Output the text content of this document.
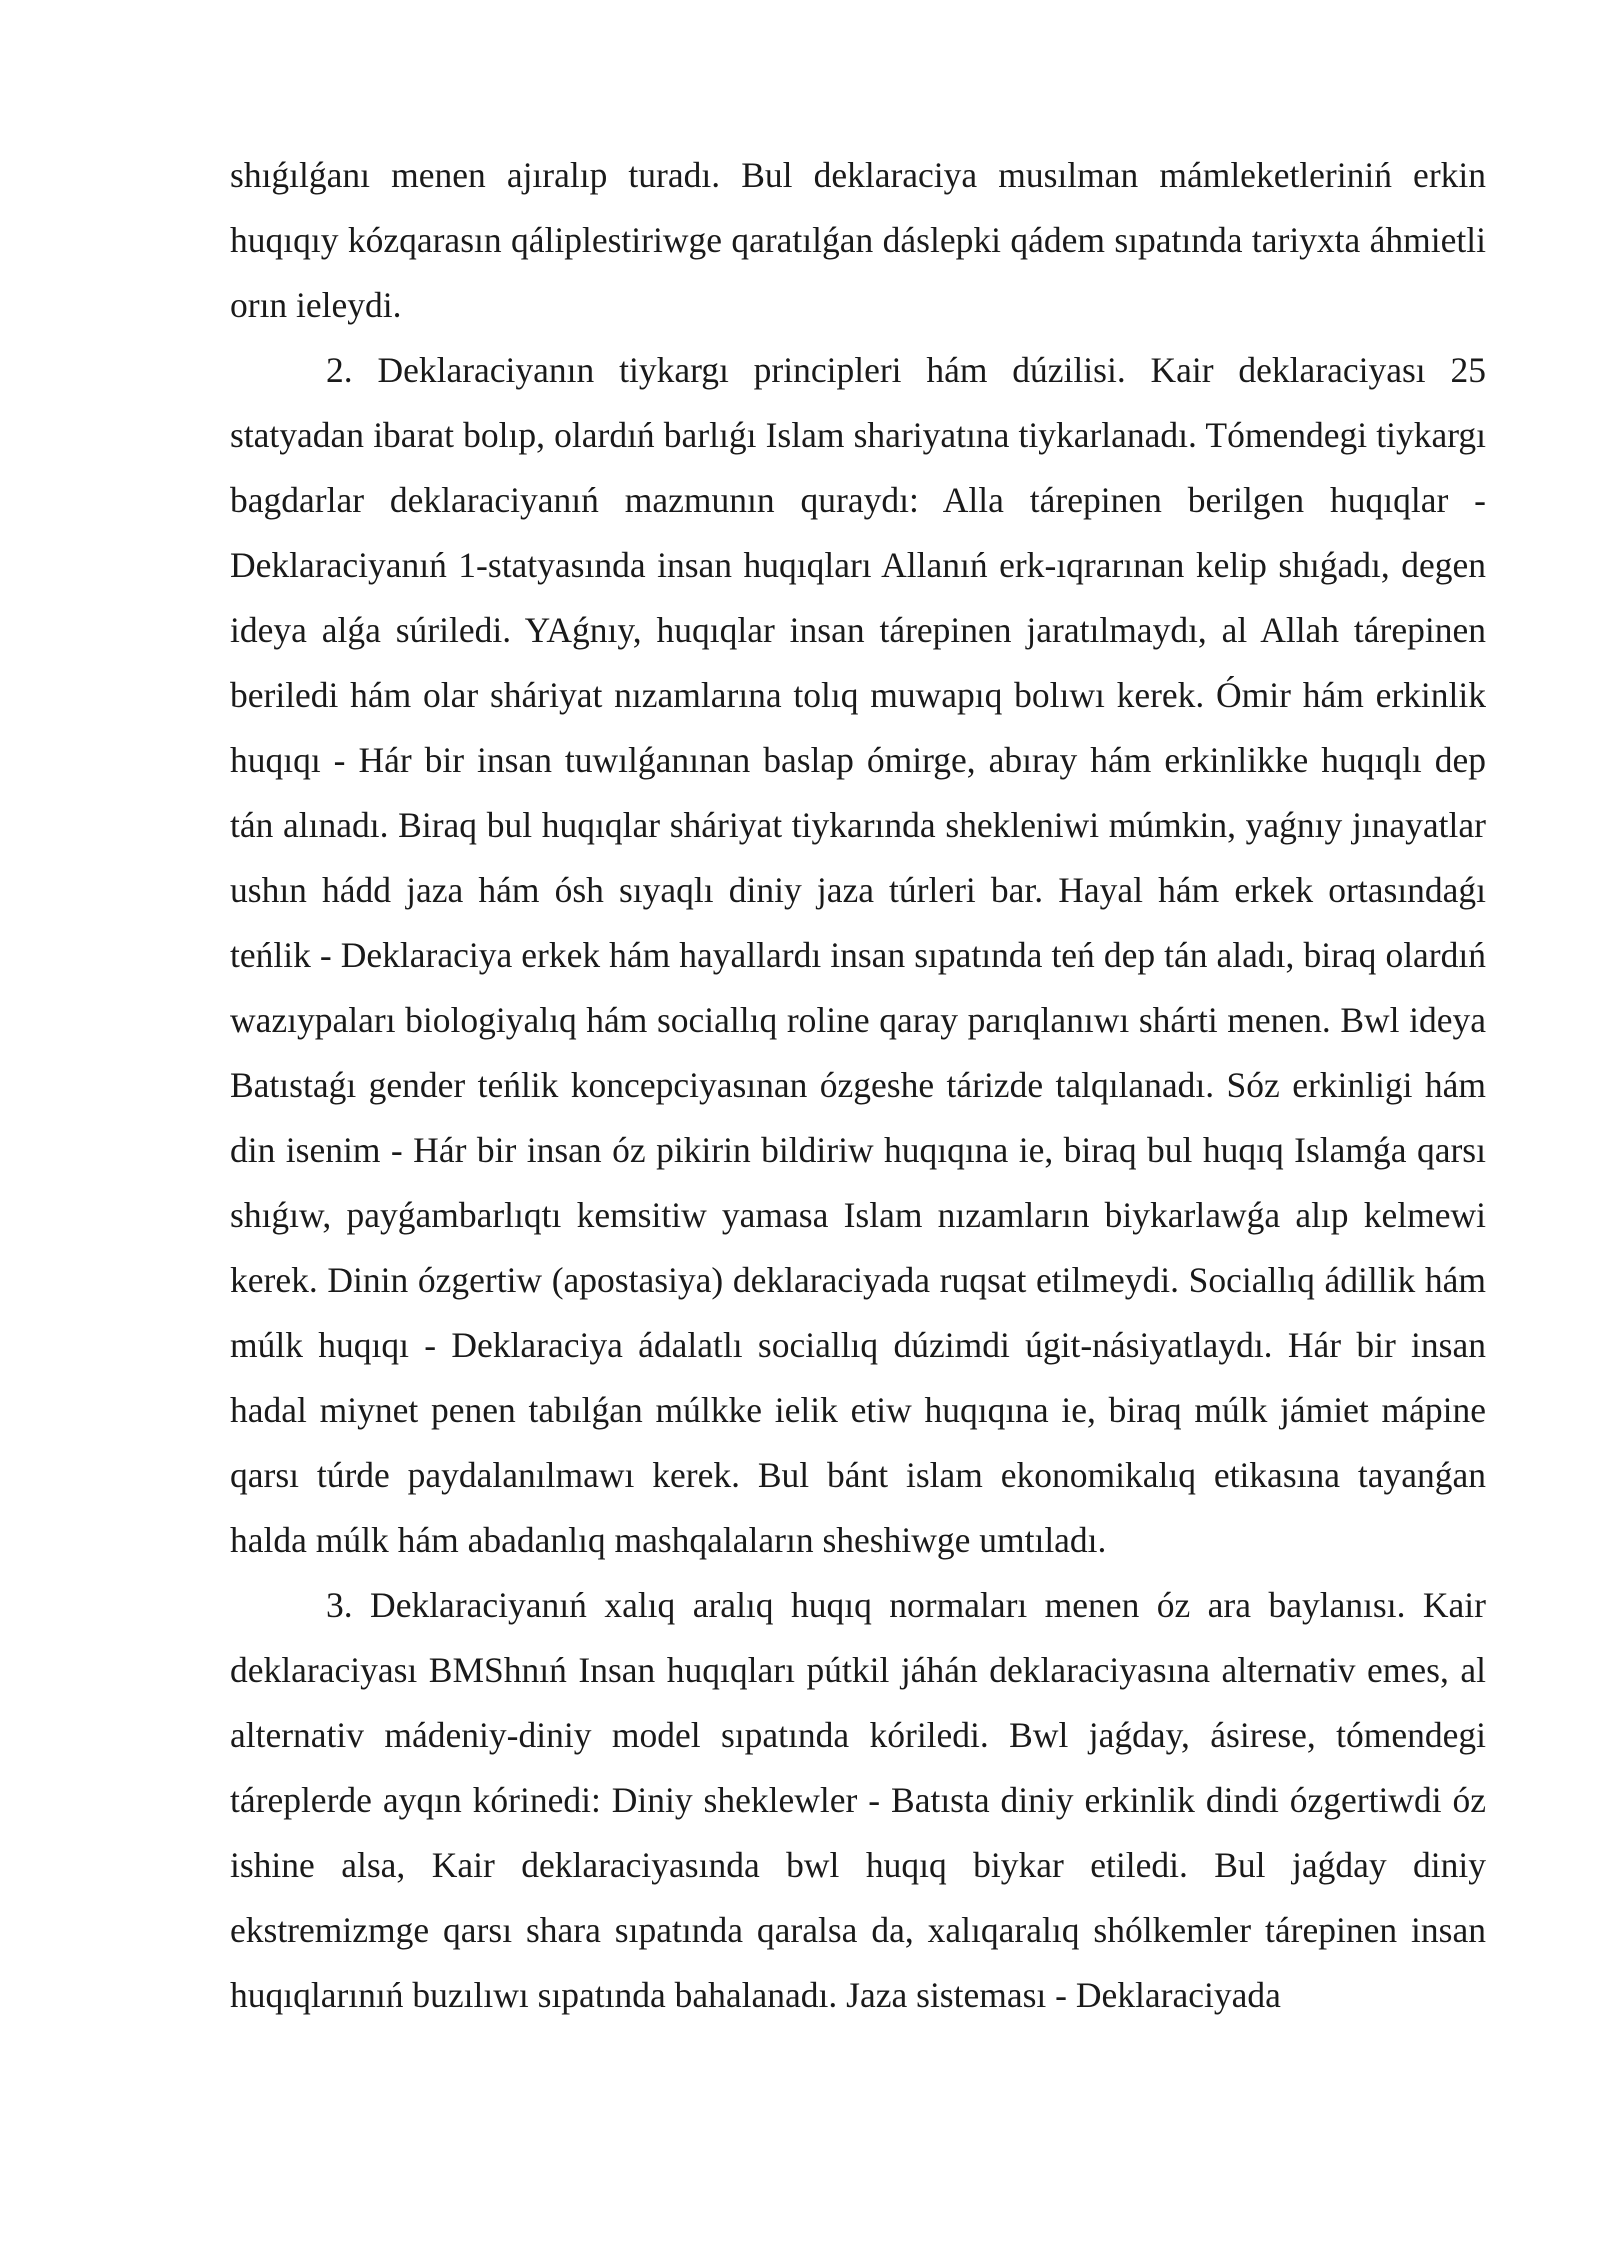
shıǵılǵanı menen ajıralıp turadı. Bul deklaraciya musılman mámleketleriniń erkin huqıqıy kózqarasın qáliplestiriwge qaratılǵan dáslepki qádem sıpatında tariyxta áhmietli orın ieleydi.

2. Deklaraciyanın tiykargı principleri hám dúzilisi. Kair deklaraciyası 25 statyadan ibarat bolıp, olardıń barlıǵı Islam shariyatına tiykarlanadı. Tómendegi tiykargı bagdarlar deklaraciyanıń mazmunın quraydı: Alla tárepinen berilgen huqıqlar - Deklaraciyanıń 1-statyasında insan huqıqları Allanıń erk-ıqrarınan kelip shıǵadı, degen ideya alǵa súriledi. YAǵnıy, huqıqlar insan tárepinen jaratılmaydı, al Allah tárepinen beriledi hám olar sháriyat nızamlarına tolıq muwapıq bolıwı kerek. Ómir hám erkinlik huqıqı - Hár bir insan tuwılǵanınan baslap ómirge, abıray hám erkinlikke huqıqlı dep tán alınadı. Biraq bul huqıqlar sháriyat tiykarında shekleniwi múmkin, yaǵnıy jınayatlar ushın hádd jaza hám ósh sıyaqlı diniy jaza túrleri bar. Hayal hám erkek ortasındaǵı teńlik - Deklaraciya erkek hám hayallardı insan sıpatında teń dep tán aladı, biraq olardıń wazıypaları biologiyalıq hám sociallıq roline qaray parıqlanıwı shárti menen. Bwl ideya Batıstaǵı gender teńlik koncepciyasınan ózgeshe tárizde talqılanadı. Sóz erkinligi hám din isenim - Hár bir insan óz pikirin bildiriw huqıqına ie, biraq bul huqıq Islamǵa qarsı shıǵıw, payǵambarlıqtı kemsitiw yamasa Islam nızamların biykarlawǵa alıp kelmewi kerek. Dinin ózgertiw (apostasiya) deklaraciyada ruqsat etilmeydi. Sociallıq ádillik hám múlk huqıqı - Deklaraciya ádalatlı sociallıq dúzimdi úgit-násiyatlaydı. Hár bir insan hadal miynet penen tabılǵan múlkke ielik etiw huqıqına ie, biraq múlk jámiet mápine qarsı túrde paydalanılmawı kerek. Bul bánt islam ekonomikalıq etikasına tayanǵan halda múlk hám abadanlıq mashqalaların sheshiwge umtıladı.

3. Deklaraciyanıń xalıq aralıq huqıq normaları menen óz ara baylanısı. Kair deklaraciyası BMShnıń Insan huqıqları pútkil jáhán deklaraciyasına alternativ emes, al alternativ mádeniy-diniy model sıpatında kóriledi. Bwl jaǵday, ásirese, tómendegi táreplerde ayqın kórinedi: Diniy sheklewler - Batısta diniy erkinlik dindi ózgertiwdi óz ishine alsa, Kair deklaraciyasında bwl huqıq biykar etiledi. Bul jaǵday diniy ekstremizmge qarsı shara sıpatında qaralsa da, xalıqaralıq shólkemler tárepinen insan huqıqlarınıń buzılıwı sıpatında bahalanadı. Jaza sisteması - Deklaraciyada
